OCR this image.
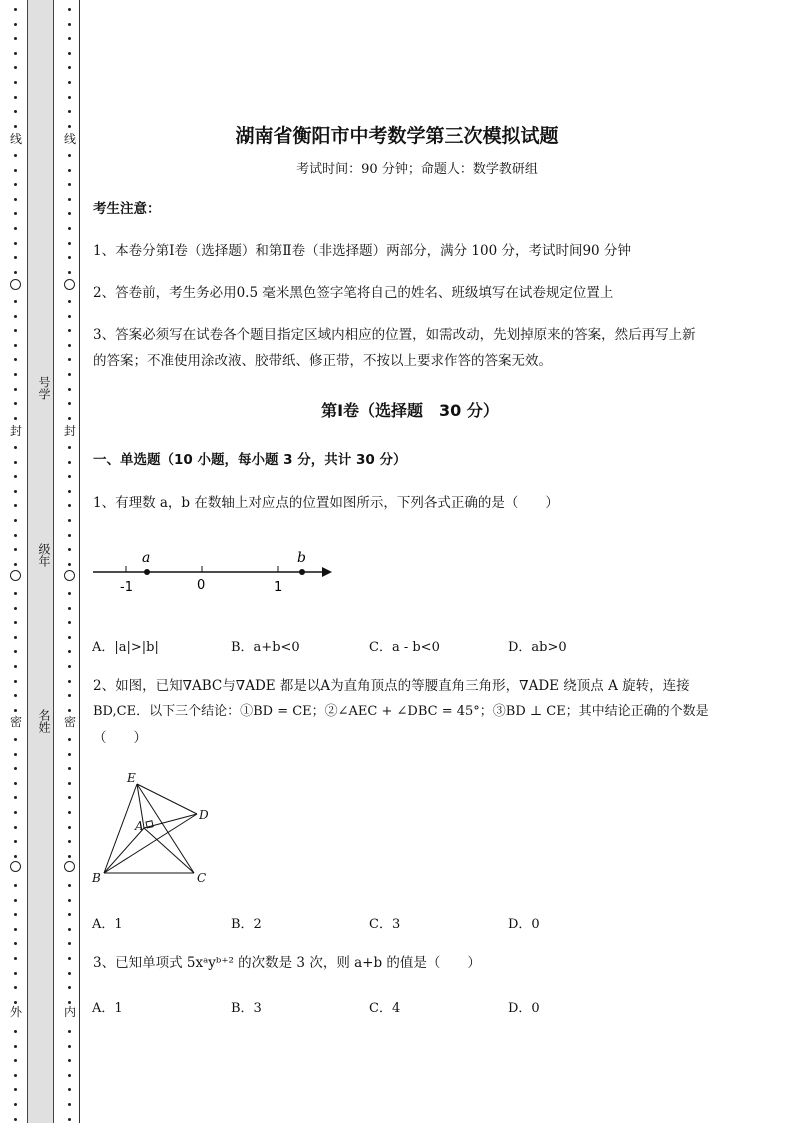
线
封
密
外
线
封
密
内
号学
级年
名姓
湖南省衡阳市中考数学第三次模拟试题
考试时间：90 分钟；命题人：数学教研组
考生注意：
1、本卷分第Ⅰ卷（选择题）和第Ⅱ卷（非选择题）两部分，满分 100 分，考试时间90 分钟
2、答卷前，考生务必用0.5 毫米黑色签字笔将自己的姓名、班级填写在试卷规定位置上
3、答案必须写在试卷各个题目指定区域内相应的位置，如需改动，先划掉原来的答案，然后再写上新
的答案；不准使用涂改液、胶带纸、修正带，不按以上要求作答的答案无效。
第Ⅰ卷（选择题　30 分）
一、单选题（10 小题，每小题 3 分，共计 30 分）
1、有理数 a，b 在数轴上对应点的位置如图所示，下列各式正确的是（　　）
a	b
-1	0	1
A．|a|>|b|	B．a+b<0	C．a - b<0	D．ab>0
2、如图，已知∇ABC与∇ADE 都是以A为直角顶点的等腰直角三角形，∇ADE 绕顶点 A 旋转，连接
BD,CE．以下三个结论：①BD = CE；②∠AEC + ∠DBC = 45°；③BD ⊥ CE；其中结论正确的个数是
（　　）
E
A
D
B	C
A．1	B．2	C．3	D．0
3、已知单项式 5xᵃyᵇ⁺² 的次数是 3 次，则 a+b 的值是（　　）
A．1	B．3	C．4	D．0
